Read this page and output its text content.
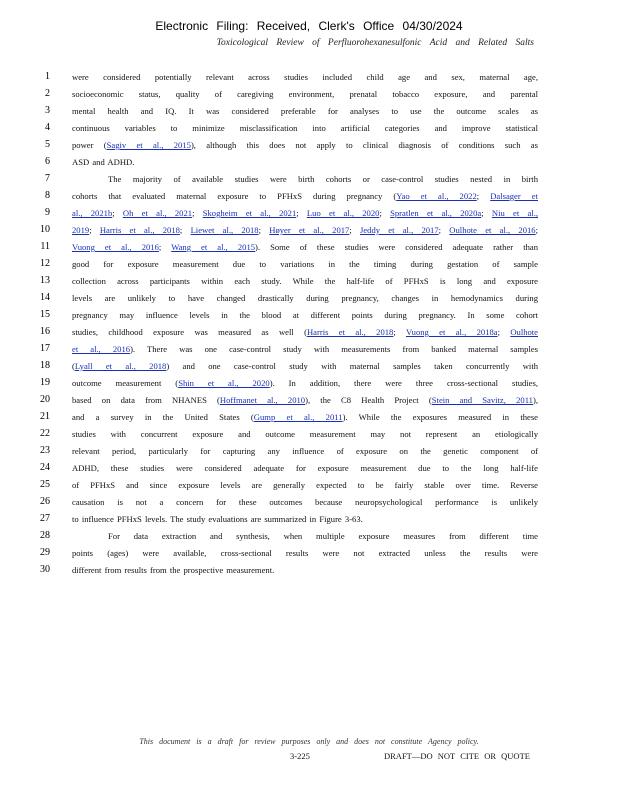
Electronic Filing: Received, Clerk's Office 04/30/2024
Toxicological Review of Perfluorohexanesulfonic Acid and Related Salts
1	were considered potentially relevant across studies included child age and sex, maternal age,
2	socioeconomic status, quality of caregiving environment, prenatal tobacco exposure, and parental
3	mental health and IQ. It was considered preferable for analyses to use the outcome scales as
4	continuous variables to minimize misclassification into artificial categories and improve statistical
5	power (Sagiv et al., 2015), although this does not apply to clinical diagnosis of conditions such as
6	ASD and ADHD.
7	The majority of available studies were birth cohorts or case-control studies nested in birth
8	cohorts that evaluated maternal exposure to PFHxS during pregnancy (Yao et al., 2022; Dalsager et
9	al., 2021b; Oh et al., 2021; Skogheim et al., 2021; Luo et al., 2020; Spratlen et al., 2020a; Niu et al.,
10	2019; Harris et al., 2018; Liewet al., 2018; Høyer et al., 2017; Jeddy et al., 2017; Oulhote et al., 2016;
11	Vuong et al., 2016; Wang et al., 2015). Some of these studies were considered adequate rather than
12	good for exposure measurement due to variations in the timing during gestation of sample
13	collection across participants within each study. While the half-life of PFHxS is long and exposure
14	levels are unlikely to have changed drastically during pregnancy, changes in hemodynamics during
15	pregnancy may influence levels in the blood at different points during pregnancy. In some cohort
16	studies, childhood exposure was measured as well (Harris et al., 2018; Vuong et al., 2018a; Oulhote
17	et al., 2016). There was one case-control study with measurements from banked maternal samples
18	(Lyall et al., 2018) and one case-control study with maternal samples taken concurrently with
19	outcome measurement (Shin et al., 2020). In addition, there were three cross-sectional studies,
20	based on data from NHANES (Hoffmanet al., 2010), the C8 Health Project (Stein and Savitz, 2011),
21	and a survey in the United States (Gump et al., 2011). While the exposures measured in these
22	studies with concurrent exposure and outcome measurement may not represent an etiologically
23	relevant period, particularly for capturing any influence of exposure on the genetic component of
24	ADHD, these studies were considered adequate for exposure measurement due to the long half-life
25	of PFHxS and since exposure levels are generally expected to be fairly stable over time. Reverse
26	causation is not a concern for these outcomes because neuropsychological performance is unlikely
27	to influence PFHxS levels. The study evaluations are summarized in Figure 3-63.
28	For data extraction and synthesis, when multiple exposure measures from different time
29	points (ages) were available, cross-sectional results were not extracted unless the results were
30	different from results from the prospective measurement.
This document is a draft for review purposes only and does not constitute Agency policy.
3-225	DRAFT—DO NOT CITE OR QUOTE
